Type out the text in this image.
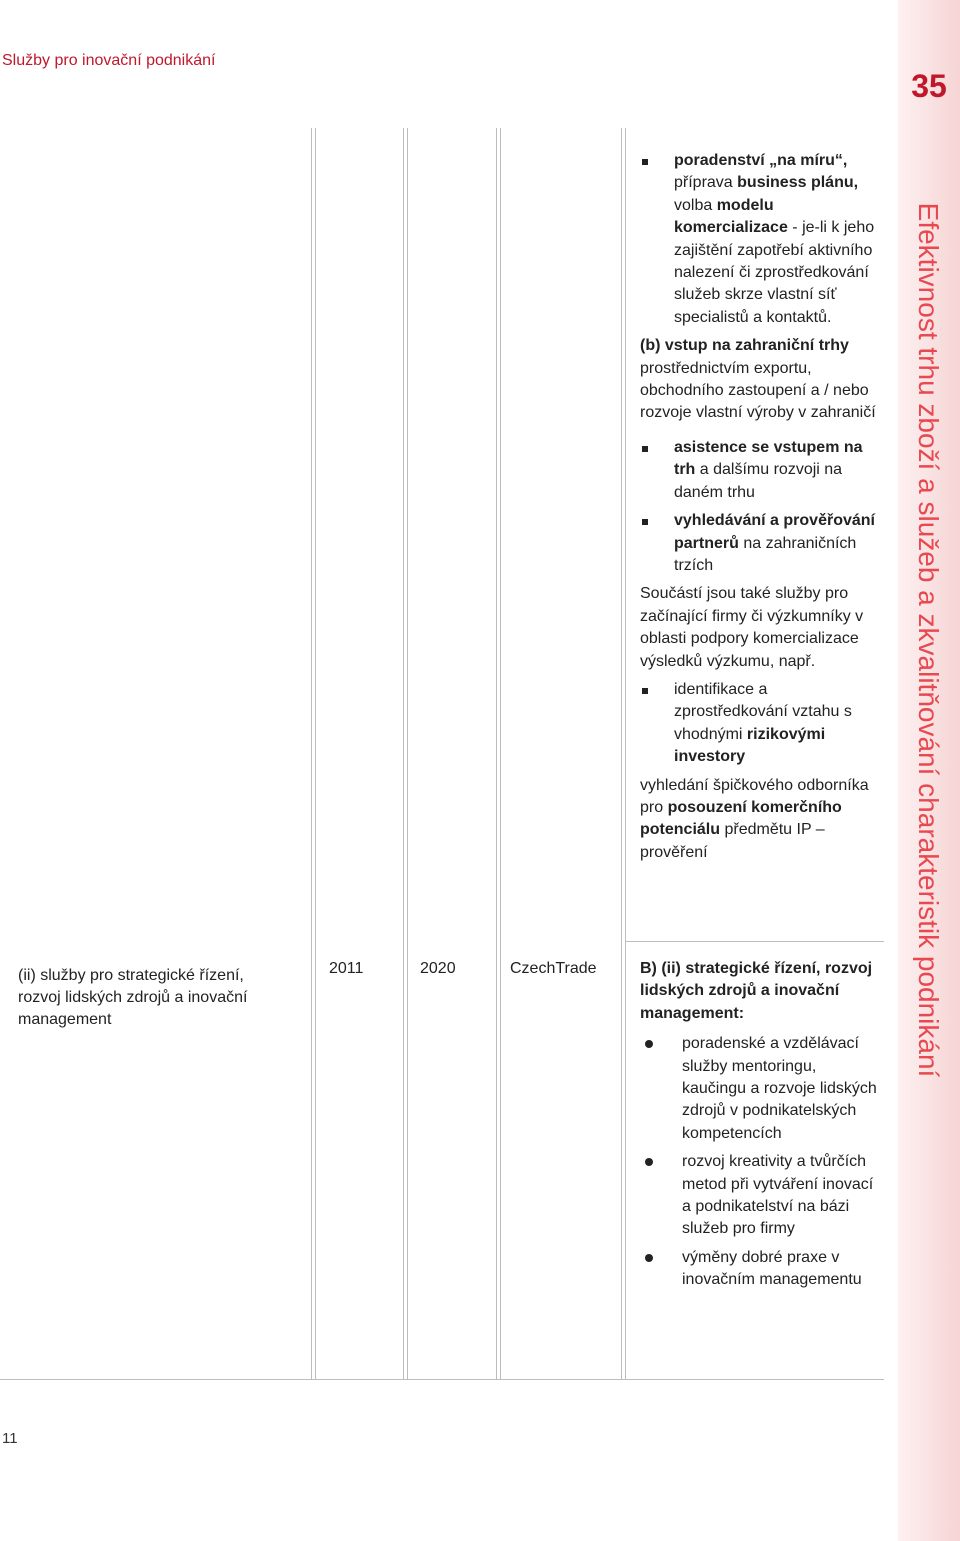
Služby pro inovační podnikání
35
Efektivnost trhu zboží a služeb a zkvalitňování charakteristik podnikání
(ii) služby pro strategické řízení, rozvoj lidských zdrojů a inovační management
2011	2020	CzechTrade
poradenství „na míru“, příprava business plánu, volba modelu komercializace - je-li k jeho zajištění zapotřebí aktivního nalezení či zprostředkování služeb skrze vlastní síť specialistů a kontaktů.

(b) vstup na zahraniční trhy prostřednictvím exportu, obchodního zastoupení a / nebo rozvoje vlastní výroby v zahraničí

asistence se vstupem na trh a dalšímu rozvoji na daném trhu
vyhledávání a prověřování partnerů na zahraničních trzích

Součástí jsou také služby pro začínající firmy či výzkumníky v oblasti podpory komercializace výsledků výzkumu, např.

identifikace a zprostředkování vztahu s vhodnými rizikovými investory

vyhledání špičkového odborníka pro posouzení komerčního potenciálu předmětu IP – prověření

B) (ii) strategické řízení, rozvoj lidských zdrojů a inovační management:

poradenské a vzdělávací služby mentoringu, kaučingu a rozvoje lidských zdrojů v podnikatelských kompetencích
rozvoj kreativity a tvůrčích metod při vytváření inovací a podnikatelství na bázi služeb pro firmy
výměny dobré praxe v inovačním managementu
11
